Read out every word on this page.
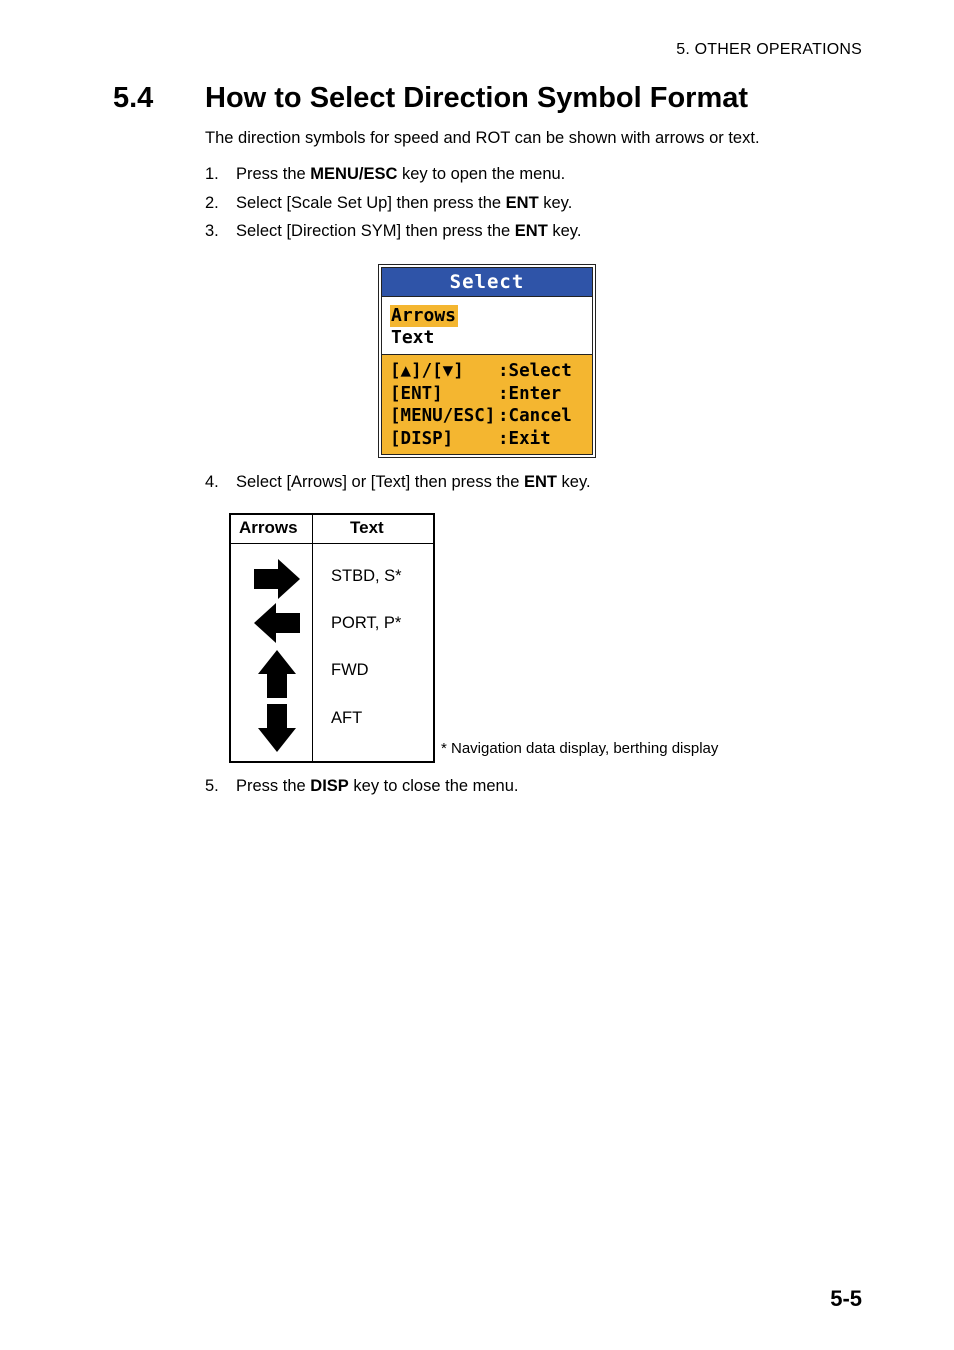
5. OTHER OPERATIONS
5.4 How to Select Direction Symbol Format
The direction symbols for speed and ROT can be shown with arrows or text.
1. Press the MENU/ESC key to open the menu.
2. Select [Scale Set Up] then press the ENT key.
3. Select [Direction SYM] then press the ENT key.
Select
Arrows
Text
[▲]/[▼] :Select
[ENT]	:Enter
[MENU/ESC] :Cancel
[DISP]	:Exit
4. Select [Arrows] or [Text] then press the ENT key.
Arrows	Text
STBD, S*
PORT, P*
FWD
AFT
* Navigation data display, berthing display
5. Press the DISP key to close the menu.
5-5
